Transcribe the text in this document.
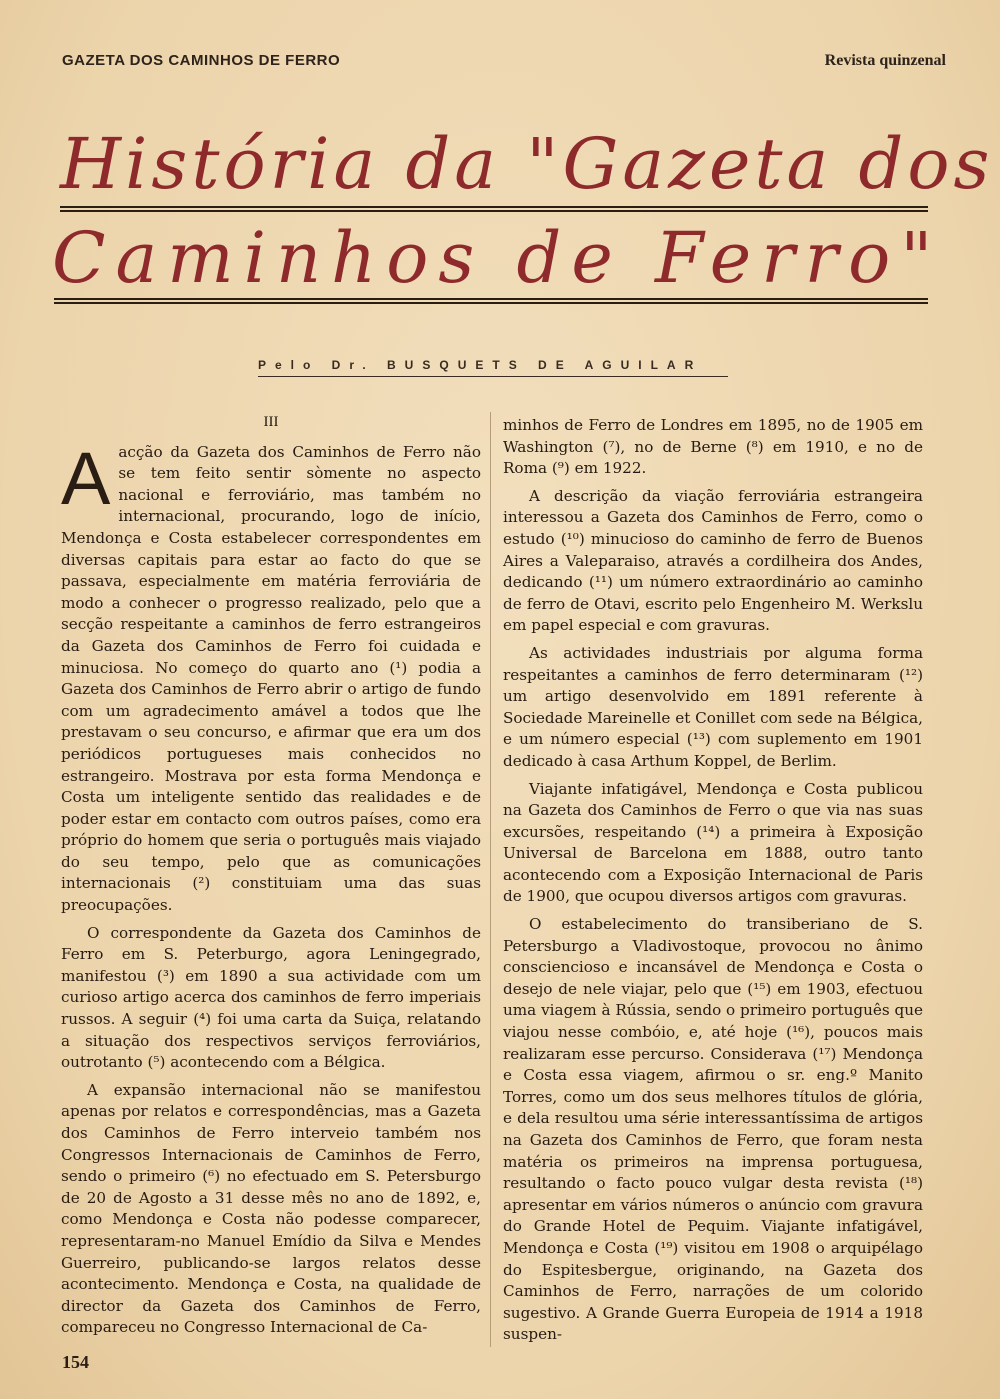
GAZETA DOS CAMINHOS DE FERRO	Revista quinzenal
História da "Gazeta dos
Caminhos de Ferro"
Pelo Dr. BUSQUETS DE AGUILAR
III

A acção da Gazeta dos Caminhos de Ferro não se tem feito sentir sòmente no aspecto nacional e ferroviário, mas também no internacional, procurando, logo de início, Mendonça e Costa estabelecer correspondentes em diversas capitais para estar ao facto do que se passava, especialmente em matéria ferroviária de modo a conhecer o progresso realizado, pelo que a secção respeitante a caminhos de ferro estrangeiros da Gazeta dos Caminhos de Ferro foi cuidada e minuciosa. No começo do quarto ano (¹) podia a Gazeta dos Caminhos de Ferro abrir o artigo de fundo com um agradecimento amável a todos que lhe prestavam o seu concurso, e afirmar que era um dos periódicos portugueses mais conhecidos no estrangeiro. Mostrava por esta forma Mendonça e Costa um inteligente sentido das realidades e de poder estar em contacto com outros países, como era próprio do homem que seria o português mais viajado do seu tempo, pelo que as comunicações internacionais (²) constituiam uma das suas preocupações.

O correspondente da Gazeta dos Caminhos de Ferro em S. Peterburgo, agora Leningegrado, manifestou (³) em 1890 a sua actividade com um curioso artigo acerca dos caminhos de ferro imperiais russos. A seguir (⁴) foi uma carta da Suiça, relatando a situação dos respectivos serviços ferroviários, outrotanto (⁵) acontecendo com a Bélgica.

A expansão internacional não se manifestou apenas por relatos e correspondências, mas a Gazeta dos Caminhos de Ferro interveio também nos Congressos Internacionais de Caminhos de Ferro, sendo o primeiro (⁶) no efectuado em S. Petersburgo de 20 de Agosto a 31 desse mês no ano de 1892, e, como Mendonça e Costa não podesse comparecer, representaram-no Manuel Emídio da Silva e Mendes Guerreiro, publicando-se largos relatos desse acontecimento. Mendonça e Costa, na qualidade de director da Gazeta dos Caminhos de Ferro, compareceu no Congresso Internacional de Ca-

minhos de Ferro de Londres em 1895, no de 1905 em Washington (⁷), no de Berne (⁸) em 1910, e no de Roma (⁹) em 1922.

A descrição da viação ferroviária estrangeira interessou a Gazeta dos Caminhos de Ferro, como o estudo (¹⁰) minucioso do caminho de ferro de Buenos Aires a Valeparaiso, através a cordilheira dos Andes, dedicando (¹¹) um número extraordinário ao caminho de ferro de Otavi, escrito pelo Engenheiro M. Werkslu em papel especial e com gravuras.

As actividades industriais por alguma forma respeitantes a caminhos de ferro determinaram (¹²) um artigo desenvolvido em 1891 referente à Sociedade Mareinelle et Conillet com sede na Bélgica, e um número especial (¹³) com suplemento em 1901 dedicado à casa Arthum Koppel, de Berlim.

Viajante infatigável, Mendonça e Costa publicou na Gazeta dos Caminhos de Ferro o que via nas suas excursões, respeitando (¹⁴) a primeira à Exposição Universal de Barcelona em 1888, outro tanto acontecendo com a Exposição Internacional de Paris de 1900, que ocupou diversos artigos com gravuras.

O estabelecimento do transiberiano de S. Petersburgo a Vladivostoque, provocou no ânimo consciencioso e incansável de Mendonça e Costa o desejo de nele viajar, pelo que (¹⁵) em 1903, efectuou uma viagem à Rússia, sendo o primeiro português que viajou nesse combóio, e, até hoje (¹⁶), poucos mais realizaram esse percurso. Considerava (¹⁷) Mendonça e Costa essa viagem, afirmou o sr. eng.º Manito Torres, como um dos seus melhores títulos de glória, e dela resultou uma série interessantíssima de artigos na Gazeta dos Caminhos de Ferro, que foram nesta matéria os primeiros na imprensa portuguesa, resultando o facto pouco vulgar desta revista (¹⁸) apresentar em vários números o anúncio com gravura do Grande Hotel de Pequim. Viajante infatigável, Mendonça e Costa (¹⁹) visitou em 1908 o arquipélago do Espitesbergue, originando, na Gazeta dos Caminhos de Ferro, narrações de um colorido sugestivo. A Grande Guerra Europeia de 1914 a 1918 suspen-

154
